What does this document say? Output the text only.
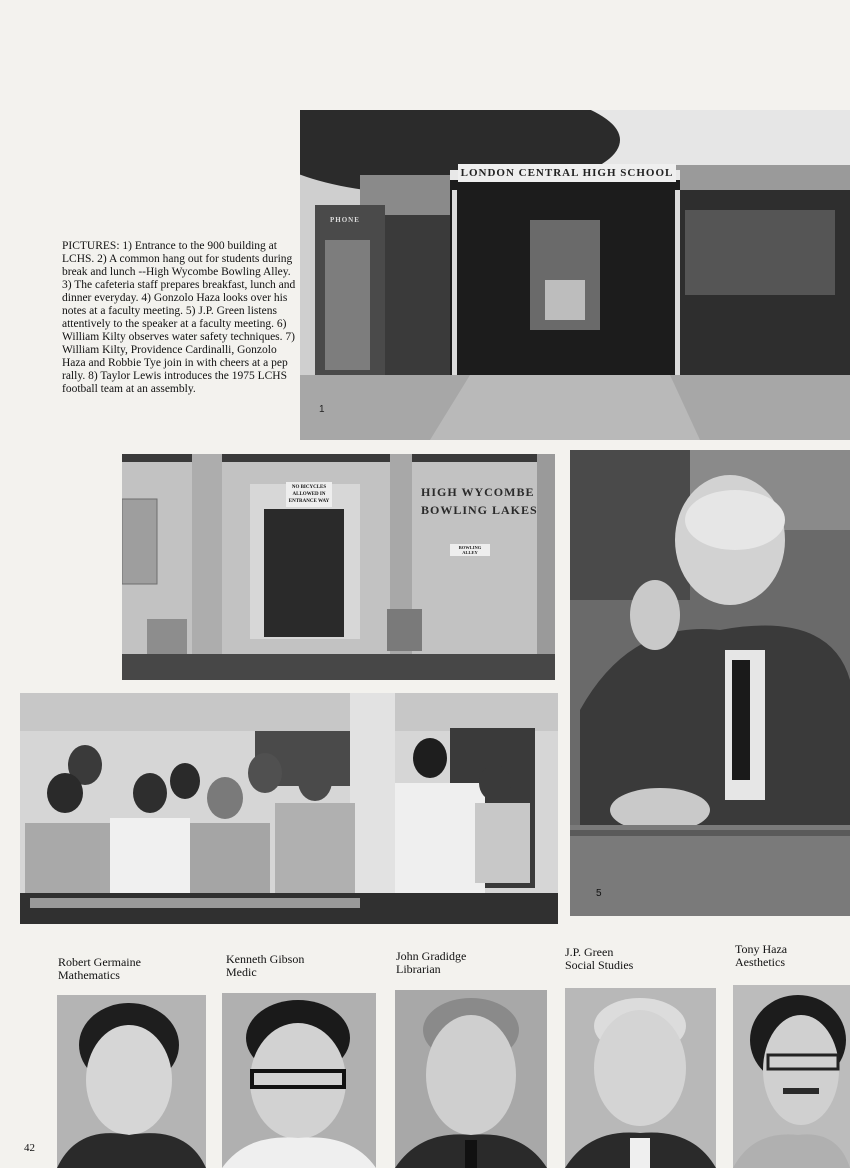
PICTURES: 1) Entrance to the 900 building at LCHS. 2) A common hang out for students during break and lunch --High Wycombe Bowling Alley. 3) The cafeteria staff prepares breakfast, lunch and dinner everyday. 4) Gonzolo Haza looks over his notes at a faculty meeting. 5) J.P. Green listens attentively to the speaker at a faculty meeting. 6) William Kilty observes water safety techniques. 7) William Kilty, Providence Cardinalli, Gonzolo Haza and Robbie Tye join in with cheers at a pep rally. 8) Taylor Lewis introduces the 1975 LCHS football team at an assembly.
LONDON CENTRAL HIGH SCHOOL
PHONE
1
NO BICYCLES ALLOWED IN ENTRANCE WAY
HIGH WYCOMBE
BOWLING LAKES
BOWLING ALLEY
5
Robert Germaine
Mathematics
Kenneth Gibson
Medic
John Gradidge
Librarian
J.P. Green
Social Studies
Tony Haza
Aesthetics
42
